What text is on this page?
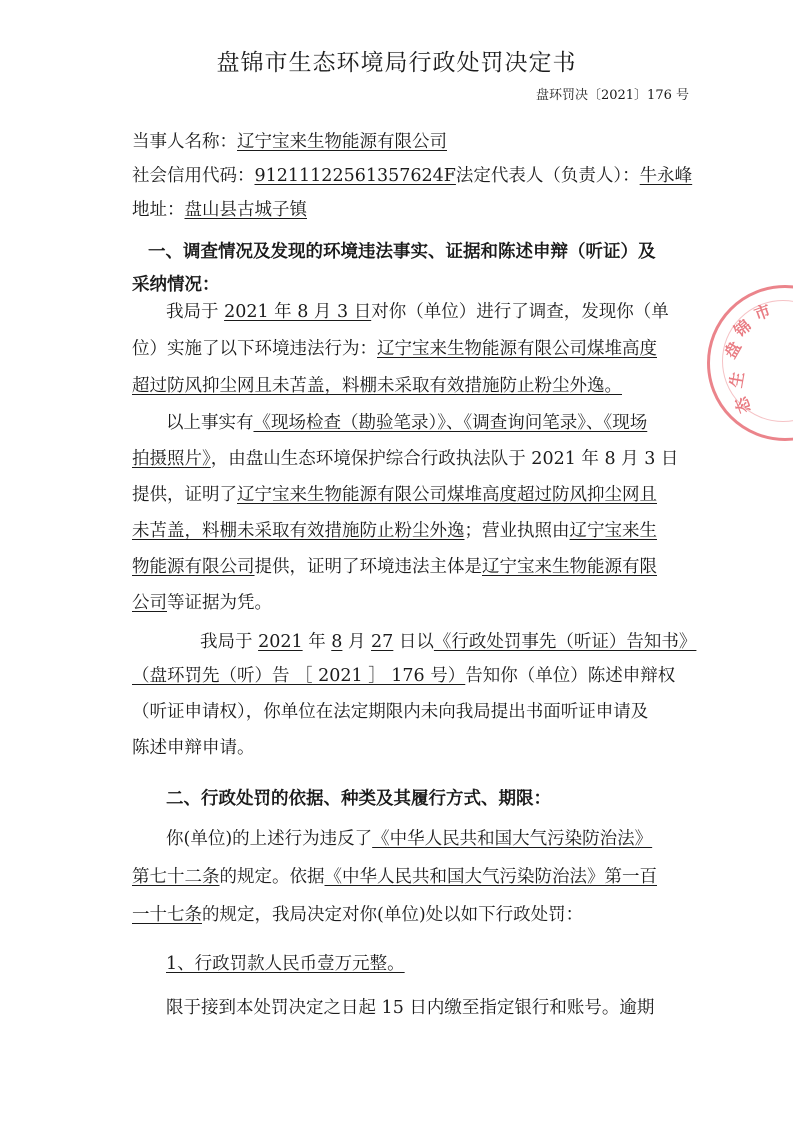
盘锦市生态环境局行政处罚决定书
盘环罚决〔2021〕176 号
当事人名称：辽宁宝来生物能源有限公司
社会信用代码：91211122561357624F法定代表人（负责人）：牛永峰
地址：盘山县古城子镇
一、调查情况及发现的环境违法事实、证据和陈述申辩（听证）及
采纳情况：
我局于 2021 年 8 月 3 日对你（单位）进行了调查，发现你（单
位）实施了以下环境违法行为：辽宁宝来生物能源有限公司煤堆高度
超过防风抑尘网且未苫盖，料棚未采取有效措施防止粉尘外逸。
以上事实有《现场检查（勘验笔录）》、《调查询问笔录》、《现场
拍摄照片》，由盘山生态环境保护综合行政执法队于 2021 年 8 月 3 日
提供，证明了辽宁宝来生物能源有限公司煤堆高度超过防风抑尘网且
未苫盖，料棚未采取有效措施防止粉尘外逸；营业执照由辽宁宝来生
物能源有限公司提供，证明了环境违法主体是辽宁宝来生物能源有限
公司等证据为凭。
我局于 2021 年 8 月 27 日以《行政处罚事先（听证）告知书》
（盘环罚先（听）告 ［ 2021 ］ 176 号）告知你（单位）陈述申辩权
（听证申请权），你单位在法定期限内未向我局提出书面听证申请及
陈述申辩申请。
二、行政处罚的依据、种类及其履行方式、期限：
你(单位)的上述行为违反了《中华人民共和国大气污染防治法》
第七十二条的规定。依据《中华人民共和国大气污染防治法》第一百
一十七条的规定，我局决定对你(单位)处以如下行政处罚：
1、行政罚款人民币壹万元整。
限于接到本处罚决定之日起 15 日内缴至指定银行和账号。逾期
盘
锦
市
生
态
